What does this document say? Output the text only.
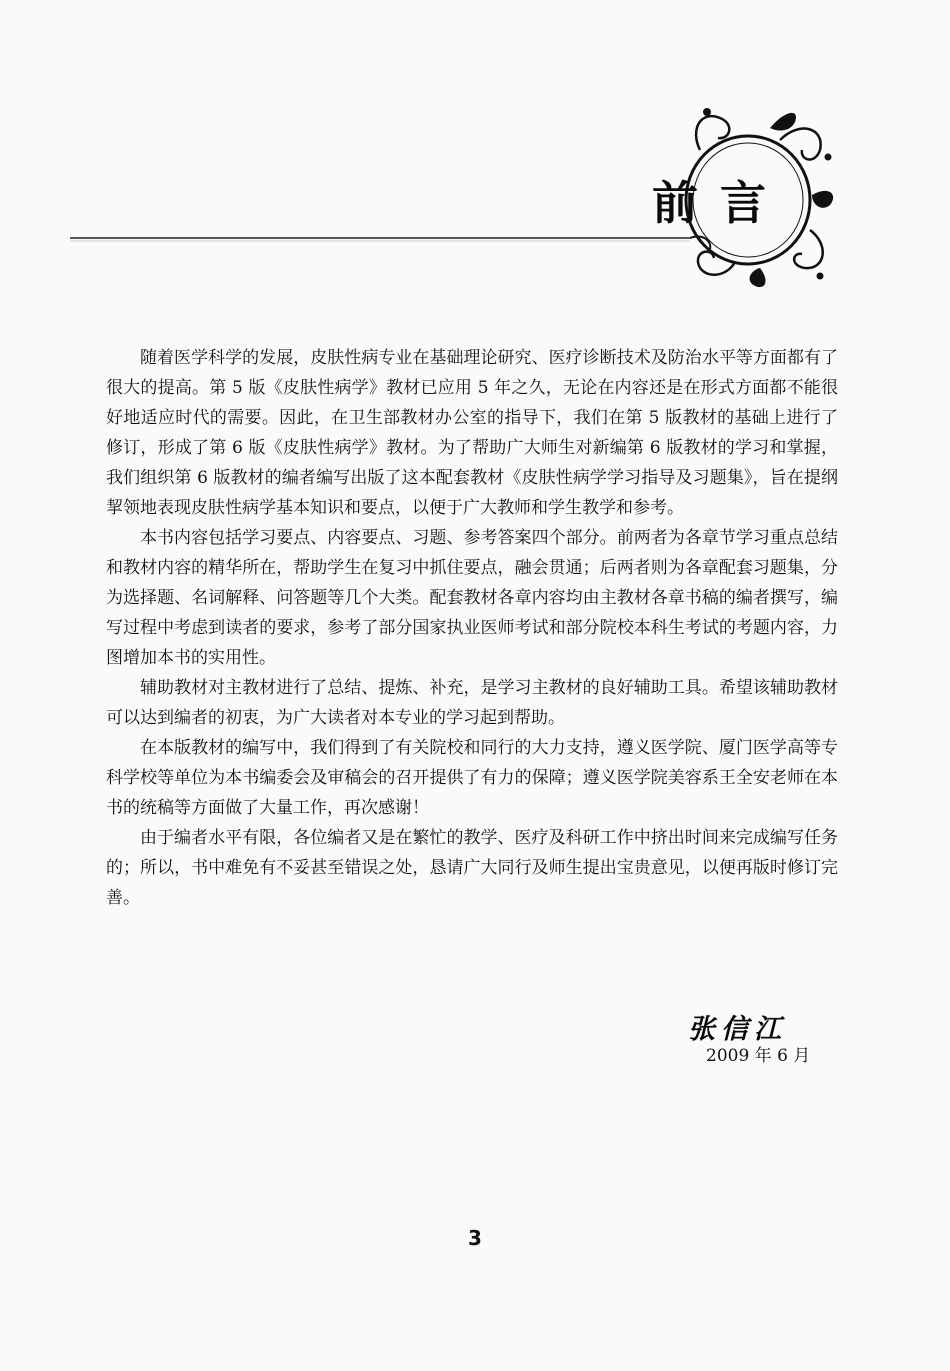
前言

随着医学科学的发展，皮肤性病专业在基础理论研究、医疗诊断技术及防治水平等方面都有了很大的提高。第 5 版《皮肤性病学》教材已应用 5 年之久，无论在内容还是在形式方面都不能很好地适应时代的需要。因此，在卫生部教材办公室的指导下，我们在第 5 版教材的基础上进行了修订，形成了第 6 版《皮肤性病学》教材。为了帮助广大师生对新编第 6 版教材的学习和掌握，我们组织第 6 版教材的编者编写出版了这本配套教材《皮肤性病学学习指导及习题集》，旨在提纲挈领地表现皮肤性病学基本知识和要点，以便于广大教师和学生教学和参考。

本书内容包括学习要点、内容要点、习题、参考答案四个部分。前两者为各章节学习重点总结和教材内容的精华所在，帮助学生在复习中抓住要点，融会贯通；后两者则为各章配套习题集，分为选择题、名词解释、问答题等几个大类。配套教材各章内容均由主教材各章书稿的编者撰写，编写过程中考虑到读者的要求，参考了部分国家执业医师考试和部分院校本科生考试的考题内容，力图增加本书的实用性。

辅助教材对主教材进行了总结、提炼、补充，是学习主教材的良好辅助工具。希望该辅助教材可以达到编者的初衷，为广大读者对本专业的学习起到帮助。

在本版教材的编写中，我们得到了有关院校和同行的大力支持，遵义医学院、厦门医学高等专科学校等单位为本书编委会及审稿会的召开提供了有力的保障；遵义医学院美容系王全安老师在本书的统稿等方面做了大量工作，再次感谢！

由于编者水平有限，各位编者又是在繁忙的教学、医疗及科研工作中挤出时间来完成编写任务的；所以，书中难免有不妥甚至错误之处，恳请广大同行及师生提出宝贵意见，以便再版时修订完善。

张信江
2009 年 6 月
3
